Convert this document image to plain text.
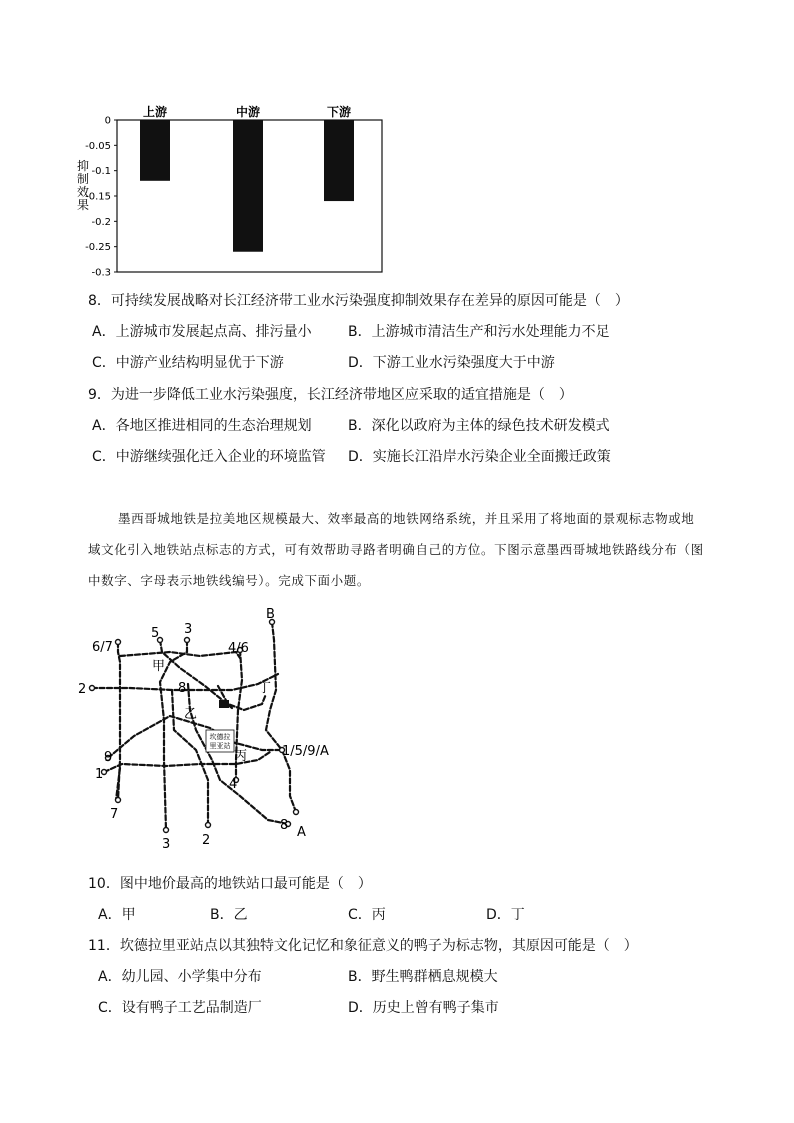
0
-0.05
-0.1
-0.15
-0.2
-0.25
-0.3
上游	中游	下游
抑制效果
8．可持续发展战略对长江经济带工业水污染强度抑制效果存在差异的原因可能是（　）
A．上游城市发展起点高、排污量小	B．上游城市清洁生产和污水处理能力不足
C．中游产业结构明显优于下游	D．下游工业水污染强度大于中游
9．为进一步降低工业水污染强度，长江经济带地区应采取的适宜措施是（　）
A．各地区推进相同的生态治理规划	B．深化以政府为主体的绿色技术研发模式
C．中游继续强化迁入企业的环境监管 D．实施长江沿岸水污染企业全面搬迁政策
墨西哥城地铁是拉美地区规模最大、效率最高的地铁网络系统，并且采用了将地面的景观标志物或地
域文化引入地铁站点标志的方式，可有效帮助寻路者明确自己的方位。下图示意墨西哥城地铁路线分布（图
中数字、字母表示地铁线编号）。完成下面小题。
坎德拉
里亚站
甲
乙
丙
丁
B
3
5
6/7	4/6
2	8
9
1
7
3 2
4
8 A
1/5/9/A
10．图中地价最高的地铁站口最可能是（　）
A．甲	B．乙	C．丙	D．丁
11．坎德拉里亚站点以其独特文化记忆和象征意义的鸭子为标志物，其原因可能是（　）
A．幼儿园、小学集中分布	B．野生鸭群栖息规模大
C．设有鸭子工艺品制造厂	D．历史上曾有鸭子集市
